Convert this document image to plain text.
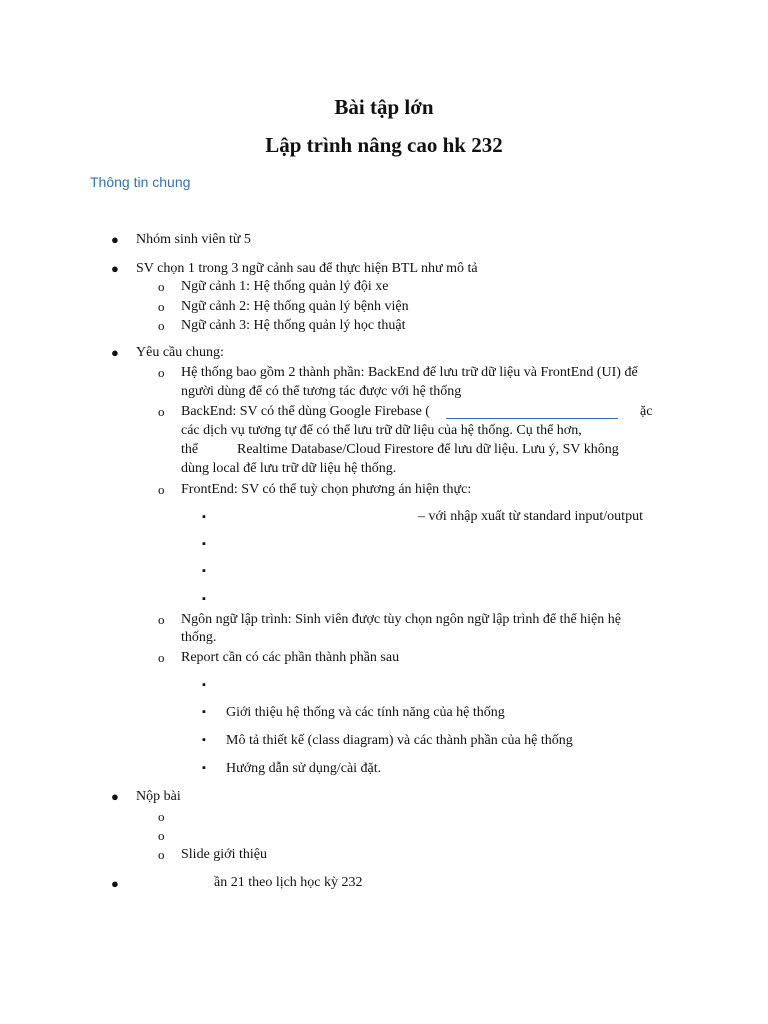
Bài tập lớn
Lập trình nâng cao hk 232
Thông tin chung
● Nhóm sinh viên từ 5
● SV chọn 1 trong 3 ngữ cảnh sau để thực hiện BTL như mô tả
o Ngữ cảnh 1: Hệ thống quản lý đội xe
o Ngữ cảnh 2: Hệ thống quản lý bệnh viện
o Ngữ cảnh 3: Hệ thống quản lý học thuật
● Yêu cầu chung:
o Hệ thống bao gồm 2 thành phần: BackEnd để lưu trữ dữ liệu và FrontEnd (UI) để
người dùng để có thể tương tác được với hệ thống
o BackEnd: SV có thể dùng Google Firebase (	ặc
các dịch vụ tương tự để có thể lưu trữ dữ liệu của hệ thống. Cụ thể hơn,
thể	Realtime Database/Cloud Firestore để lưu dữ liệu. Lưu ý, SV không
dùng local để lưu trữ dữ liệu hệ thống.
o FrontEnd: SV có thể tuỳ chọn phương án hiện thực:
▪	– với nhập xuất từ standard input/output
▪
▪
▪
o Ngôn ngữ lập trình: Sinh viên được tùy chọn ngôn ngữ lập trình để thể hiện hệ
thống.
o Report cần có các phần thành phần sau
▪
▪ Giới thiệu hệ thống và các tính năng của hệ thống
▪ Mô tả thiết kế (class diagram) và các thành phần của hệ thống
▪ Hướng dẫn sử dụng/cài đặt.
● Nộp bài
o
o
o Slide giới thiệu
●	ần 21 theo lịch học kỳ 232
